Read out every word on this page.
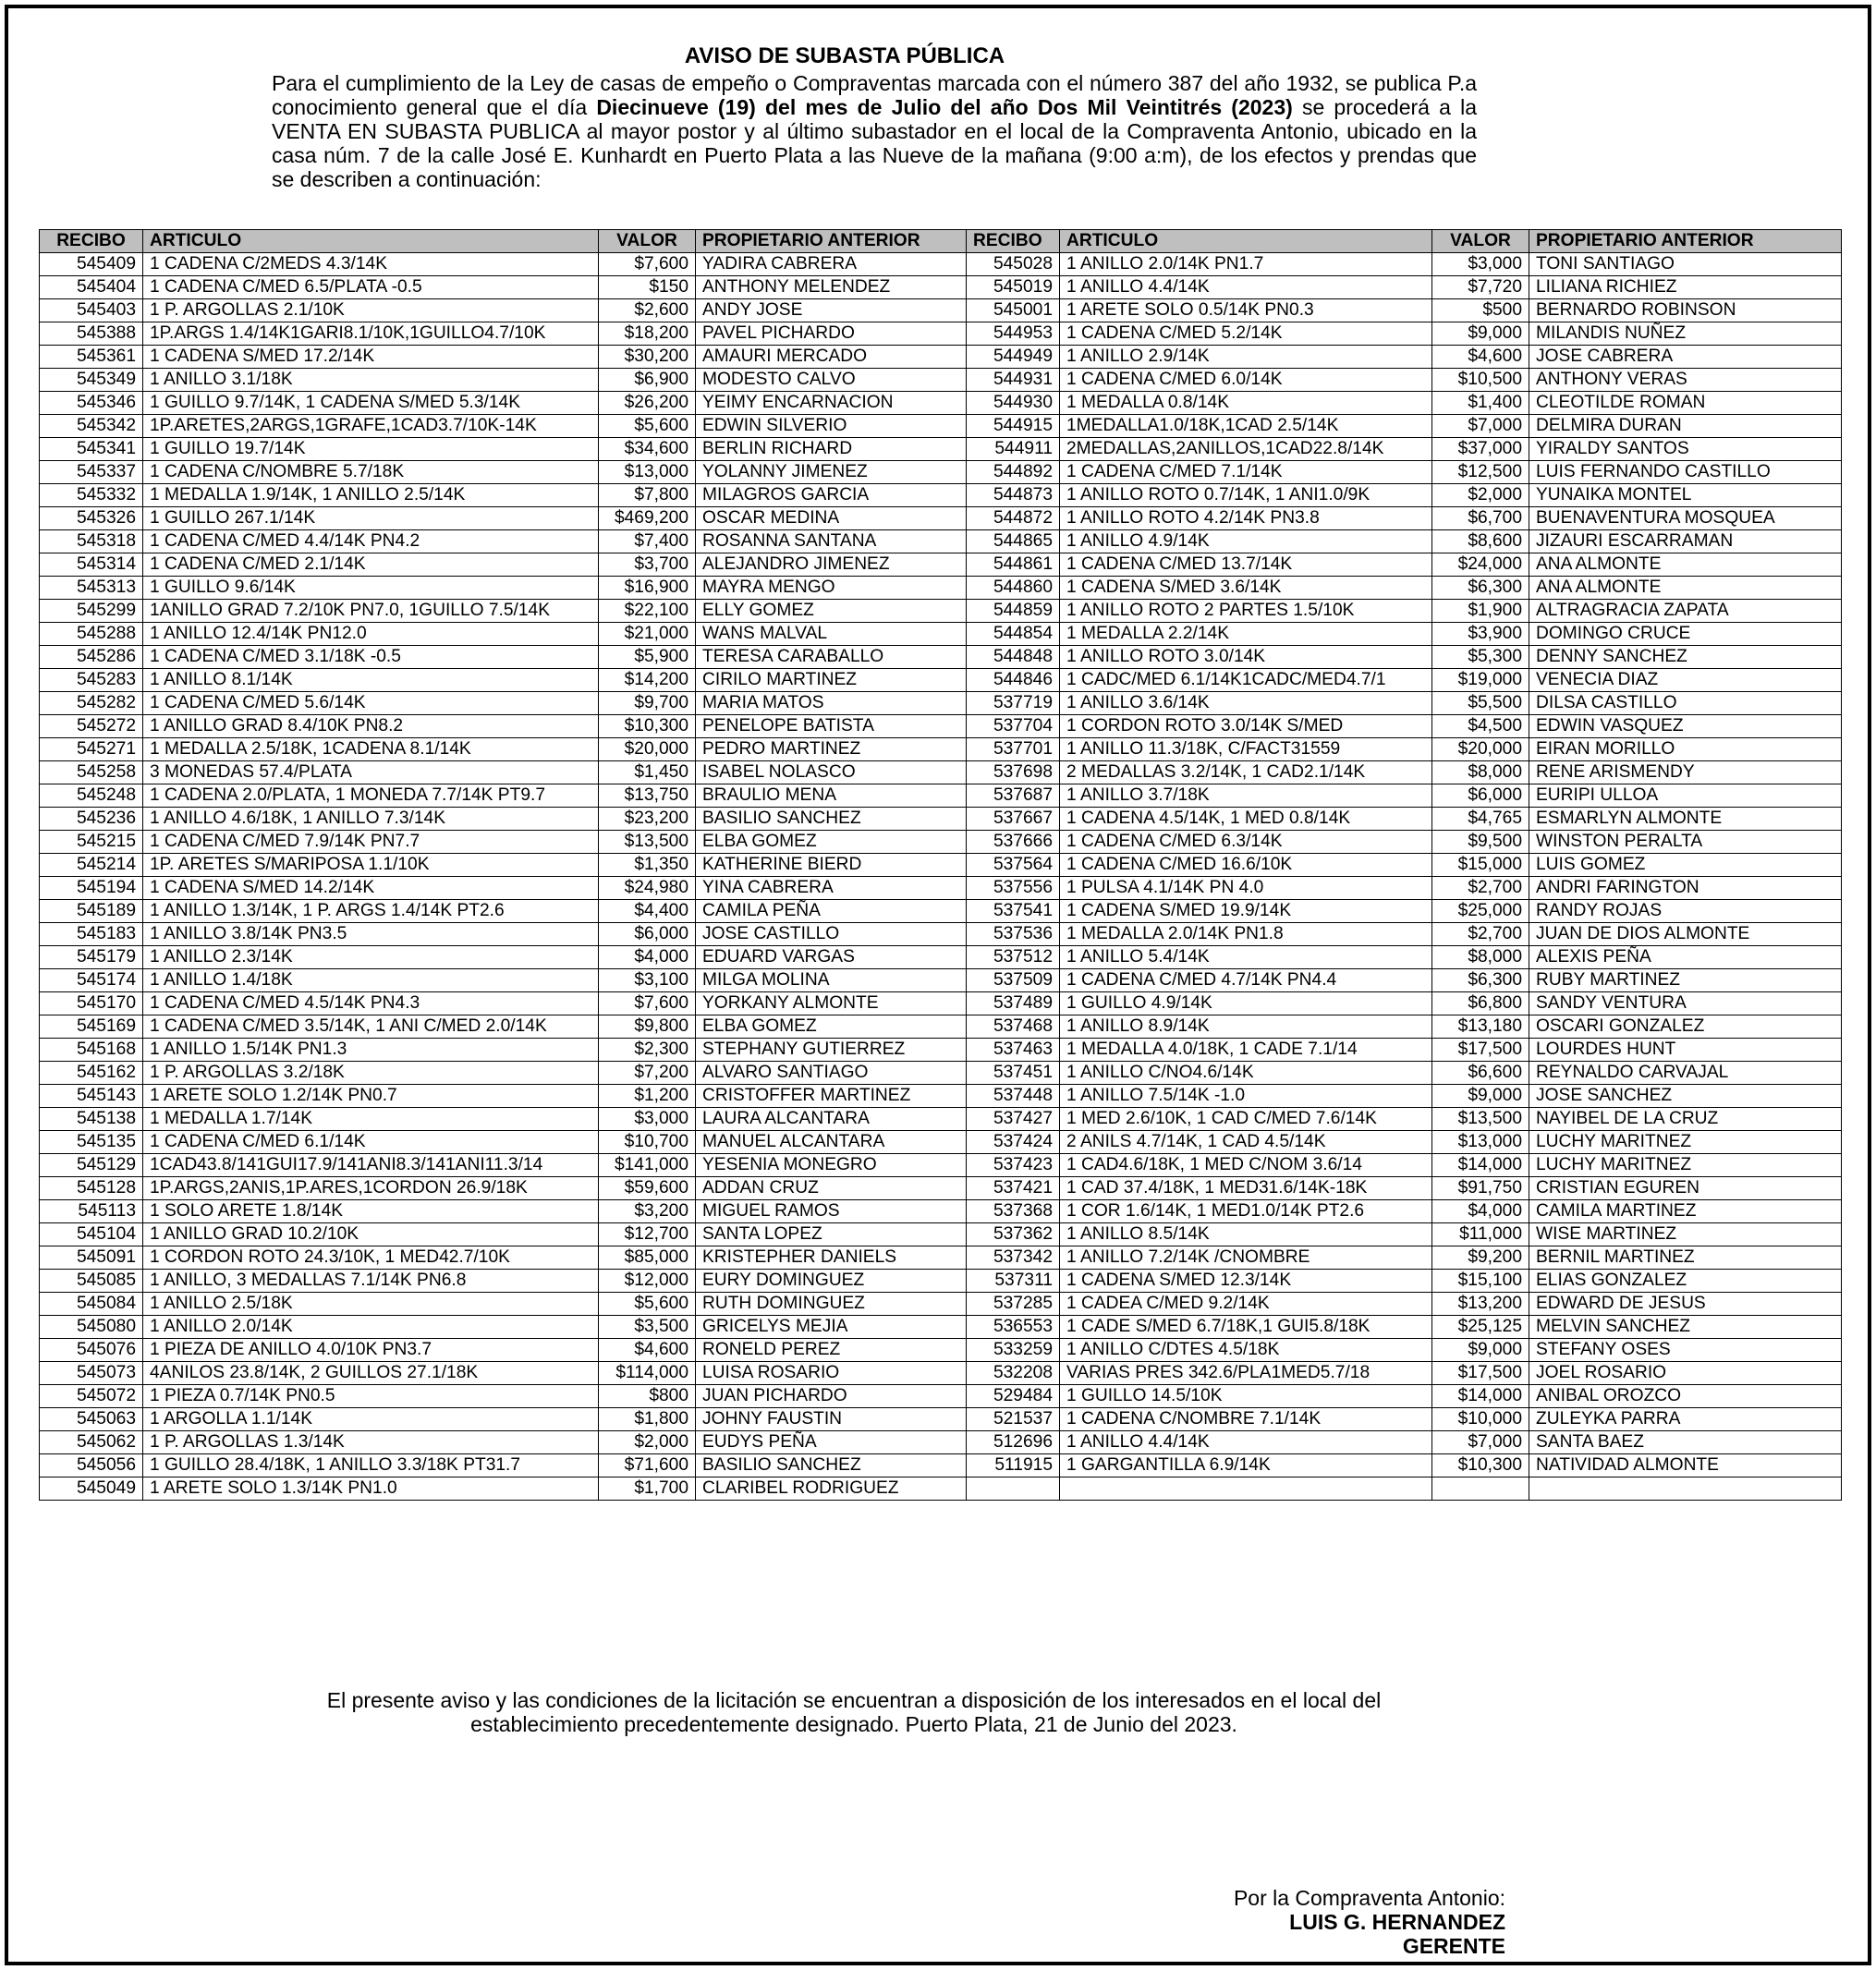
AVISO DE SUBASTA PÚBLICA
Para el cumplimiento de la Ley de casas de empeño o Compraventas marcada con el número 387 del año 1932, se publica P.a conocimiento general que el día Diecinueve (19) del mes de Julio del año Dos Mil Veintitrés (2023) se procederá a la VENTA EN SUBASTA PUBLICA al mayor postor y al último subastador en el local de la Compraventa Antonio, ubicado en la casa núm. 7 de la calle José E. Kunhardt en Puerto Plata a las Nueve de la mañana (9:00 a:m), de los efectos y prendas que se describen a continuación:
RECIBO	ARTICULO	VALOR	PROPIETARIO ANTERIOR	RECIBO	ARTICULO	VALOR	PROPIETARIO ANTERIOR
545409	1 CADENA C/2MEDS 4.3/14K	$7,600	YADIRA CABRERA	545028	1 ANILLO 2.0/14K PN1.7	$3,000	TONI SANTIAGO
545404	1 CADENA C/MED 6.5/PLATA -0.5	$150	ANTHONY MELENDEZ	545019	1 ANILLO 4.4/14K	$7,720	LILIANA RICHIEZ
545403	1 P. ARGOLLAS 2.1/10K	$2,600	ANDY JOSE	545001	1 ARETE SOLO 0.5/14K PN0.3	$500	BERNARDO ROBINSON
545388	1P.ARGS 1.4/14K1GARI8.1/10K,1GUILLO4.7/10K	$18,200	PAVEL PICHARDO	544953	1 CADENA C/MED 5.2/14K	$9,000	MILANDIS NUÑEZ
545361	1 CADENA S/MED 17.2/14K	$30,200	AMAURI MERCADO	544949	1 ANILLO 2.9/14K	$4,600	JOSE CABRERA
545349	1 ANILLO 3.1/18K	$6,900	MODESTO CALVO	544931	1 CADENA C/MED 6.0/14K	$10,500	ANTHONY VERAS
545346	1 GUILLO 9.7/14K, 1 CADENA S/MED 5.3/14K	$26,200	YEIMY ENCARNACION	544930	1 MEDALLA 0.8/14K	$1,400	CLEOTILDE ROMAN
545342	1P.ARETES,2ARGS,1GRAFE,1CAD3.7/10K-14K	$5,600	EDWIN SILVERIO	544915	1MEDALLA1.0/18K,1CAD 2.5/14K	$7,000	DELMIRA DURAN
545341	1 GUILLO 19.7/14K	$34,600	BERLIN RICHARD	544911	2MEDALLAS,2ANILLOS,1CAD22.8/14K	$37,000	YIRALDY SANTOS
545337	1 CADENA C/NOMBRE 5.7/18K	$13,000	YOLANNY JIMENEZ	544892	1 CADENA C/MED 7.1/14K	$12,500	LUIS FERNANDO CASTILLO
545332	1 MEDALLA 1.9/14K, 1 ANILLO 2.5/14K	$7,800	MILAGROS GARCIA	544873	1 ANILLO ROTO 0.7/14K, 1 ANI1.0/9K	$2,000	YUNAIKA MONTEL
545326	1 GUILLO 267.1/14K	$469,200	OSCAR MEDINA	544872	1 ANILLO ROTO 4.2/14K PN3.8	$6,700	BUENAVENTURA MOSQUEA
545318	1 CADENA C/MED 4.4/14K PN4.2	$7,400	ROSANNA SANTANA	544865	1 ANILLO 4.9/14K	$8,600	JIZAURI ESCARRAMAN
545314	1 CADENA C/MED 2.1/14K	$3,700	ALEJANDRO JIMENEZ	544861	1 CADENA C/MED 13.7/14K	$24,000	ANA ALMONTE
545313	1 GUILLO 9.6/14K	$16,900	MAYRA MENGO	544860	1 CADENA S/MED 3.6/14K	$6,300	ANA ALMONTE
545299	1ANILLO GRAD 7.2/10K PN7.0, 1GUILLO 7.5/14K	$22,100	ELLY GOMEZ	544859	1 ANILLO ROTO 2 PARTES 1.5/10K	$1,900	ALTRAGRACIA ZAPATA
545288	1 ANILLO 12.4/14K PN12.0	$21,000	WANS MALVAL	544854	1 MEDALLA 2.2/14K	$3,900	DOMINGO CRUCE
545286	1 CADENA C/MED 3.1/18K -0.5	$5,900	TERESA CARABALLO	544848	1 ANILLO ROTO 3.0/14K	$5,300	DENNY SANCHEZ
545283	1 ANILLO 8.1/14K	$14,200	CIRILO MARTINEZ	544846	1 CADC/MED 6.1/14K1CADC/MED4.7/1	$19,000	VENECIA DIAZ
545282	1 CADENA C/MED 5.6/14K	$9,700	MARIA MATOS	537719	1 ANILLO 3.6/14K	$5,500	DILSA CASTILLO
545272	1 ANILLO GRAD 8.4/10K PN8.2	$10,300	PENELOPE BATISTA	537704	1 CORDON ROTO 3.0/14K S/MED	$4,500	EDWIN VASQUEZ
545271	1 MEDALLA 2.5/18K, 1CADENA 8.1/14K	$20,000	PEDRO MARTINEZ	537701	1 ANILLO 11.3/18K, C/FACT31559	$20,000	EIRAN MORILLO
545258	3 MONEDAS 57.4/PLATA	$1,450	ISABEL NOLASCO	537698	2 MEDALLAS 3.2/14K, 1 CAD2.1/14K	$8,000	RENE ARISMENDY
545248	1 CADENA 2.0/PLATA, 1 MONEDA 7.7/14K PT9.7	$13,750	BRAULIO MENA	537687	1 ANILLO 3.7/18K	$6,000	EURIPI ULLOA
545236	1 ANILLO 4.6/18K, 1 ANILLO 7.3/14K	$23,200	BASILIO SANCHEZ	537667	1 CADENA 4.5/14K, 1 MED 0.8/14K	$4,765	ESMARLYN ALMONTE
545215	1 CADENA C/MED 7.9/14K PN7.7	$13,500	ELBA GOMEZ	537666	1 CADENA C/MED 6.3/14K	$9,500	WINSTON PERALTA
545214	1P. ARETES S/MARIPOSA 1.1/10K	$1,350	KATHERINE BIERD	537564	1 CADENA C/MED 16.6/10K	$15,000	LUIS GOMEZ
545194	1 CADENA S/MED 14.2/14K	$24,980	YINA CABRERA	537556	1 PULSA 4.1/14K PN 4.0	$2,700	ANDRI FARINGTON
545189	1 ANILLO 1.3/14K, 1 P. ARGS 1.4/14K PT2.6	$4,400	CAMILA PEÑA	537541	1 CADENA S/MED 19.9/14K	$25,000	RANDY ROJAS
545183	1 ANILLO 3.8/14K PN3.5	$6,000	JOSE CASTILLO	537536	1 MEDALLA 2.0/14K PN1.8	$2,700	JUAN DE DIOS ALMONTE
545179	1 ANILLO 2.3/14K	$4,000	EDUARD VARGAS	537512	1 ANILLO 5.4/14K	$8,000	ALEXIS PEÑA
545174	1 ANILLO 1.4/18K	$3,100	MILGA MOLINA	537509	1 CADENA C/MED 4.7/14K PN4.4	$6,300	RUBY MARTINEZ
545170	1 CADENA C/MED 4.5/14K PN4.3	$7,600	YORKANY ALMONTE	537489	1 GUILLO 4.9/14K	$6,800	SANDY VENTURA
545169	1 CADENA C/MED 3.5/14K, 1 ANI C/MED 2.0/14K	$9,800	ELBA GOMEZ	537468	1 ANILLO 8.9/14K	$13,180	OSCARI GONZALEZ
545168	1 ANILLO 1.5/14K PN1.3	$2,300	STEPHANY GUTIERREZ	537463	1 MEDALLA 4.0/18K, 1 CADE 7.1/14	$17,500	LOURDES HUNT
545162	1 P. ARGOLLAS 3.2/18K	$7,200	ALVARO SANTIAGO	537451	1 ANILLO C/NO4.6/14K	$6,600	REYNALDO CARVAJAL
545143	1 ARETE SOLO 1.2/14K PN0.7	$1,200	CRISTOFFER MARTINEZ	537448	1 ANILLO 7.5/14K -1.0	$9,000	JOSE SANCHEZ
545138	1 MEDALLA 1.7/14K	$3,000	LAURA ALCANTARA	537427	1 MED 2.6/10K, 1 CAD C/MED 7.6/14K	$13,500	NAYIBEL DE LA CRUZ
545135	1 CADENA C/MED 6.1/14K	$10,700	MANUEL ALCANTARA	537424	2 ANILS 4.7/14K, 1 CAD 4.5/14K	$13,000	LUCHY MARITNEZ
545129	1CAD43.8/141GUI17.9/141ANI8.3/141ANI11.3/14	$141,000	YESENIA MONEGRO	537423	1 CAD4.6/18K, 1 MED C/NOM 3.6/14	$14,000	LUCHY MARITNEZ
545128	1P.ARGS,2ANIS,1P.ARES,1CORDON 26.9/18K	$59,600	ADDAN CRUZ	537421	1 CAD 37.4/18K, 1 MED31.6/14K-18K	$91,750	CRISTIAN EGUREN
545113	1 SOLO ARETE 1.8/14K	$3,200	MIGUEL RAMOS	537368	1 COR 1.6/14K, 1 MED1.0/14K PT2.6	$4,000	CAMILA MARTINEZ
545104	1 ANILLO GRAD 10.2/10K	$12,700	SANTA LOPEZ	537362	1 ANILLO 8.5/14K	$11,000	WISE MARTINEZ
545091	1 CORDON ROTO 24.3/10K, 1 MED42.7/10K	$85,000	KRISTEPHER DANIELS	537342	1 ANILLO 7.2/14K /CNOMBRE	$9,200	BERNIL MARTINEZ
545085	1 ANILLO, 3 MEDALLAS 7.1/14K PN6.8	$12,000	EURY DOMINGUEZ	537311	1 CADENA S/MED 12.3/14K	$15,100	ELIAS GONZALEZ
545084	1 ANILLO 2.5/18K	$5,600	RUTH DOMINGUEZ	537285	1 CADEA C/MED 9.2/14K	$13,200	EDWARD DE JESUS
545080	1 ANILLO 2.0/14K	$3,500	GRICELYS MEJIA	536553	1 CADE S/MED 6.7/18K,1 GUI5.8/18K	$25,125	MELVIN SANCHEZ
545076	1 PIEZA DE ANILLO 4.0/10K PN3.7	$4,600	RONELD PEREZ	533259	1 ANILLO C/DTES 4.5/18K	$9,000	STEFANY OSES
545073	4ANILOS 23.8/14K, 2 GUILLOS 27.1/18K	$114,000	LUISA ROSARIO	532208	VARIAS PRES 342.6/PLA1MED5.7/18	$17,500	JOEL ROSARIO
545072	1 PIEZA 0.7/14K PN0.5	$800	JUAN PICHARDO	529484	1 GUILLO 14.5/10K	$14,000	ANIBAL OROZCO
545063	1 ARGOLLA 1.1/14K	$1,800	JOHNY FAUSTIN	521537	1 CADENA C/NOMBRE 7.1/14K	$10,000	ZULEYKA PARRA
545062	1 P. ARGOLLAS 1.3/14K	$2,000	EUDYS PEÑA	512696	1 ANILLO 4.4/14K	$7,000	SANTA BAEZ
545056	1 GUILLO 28.4/18K, 1 ANILLO 3.3/18K PT31.7	$71,600	BASILIO SANCHEZ	511915	1 GARGANTILLA 6.9/14K	$10,300	NATIVIDAD ALMONTE
545049	1 ARETE SOLO 1.3/14K PN1.0	$1,700	CLARIBEL RODRIGUEZ				
El presente aviso y las condiciones de la licitación se encuentran a disposición de los interesados en el local del
establecimiento precedentemente designado. Puerto Plata, 21 de Junio del 2023.
Por la Compraventa Antonio:
LUIS G. HERNANDEZ
GERENTE
